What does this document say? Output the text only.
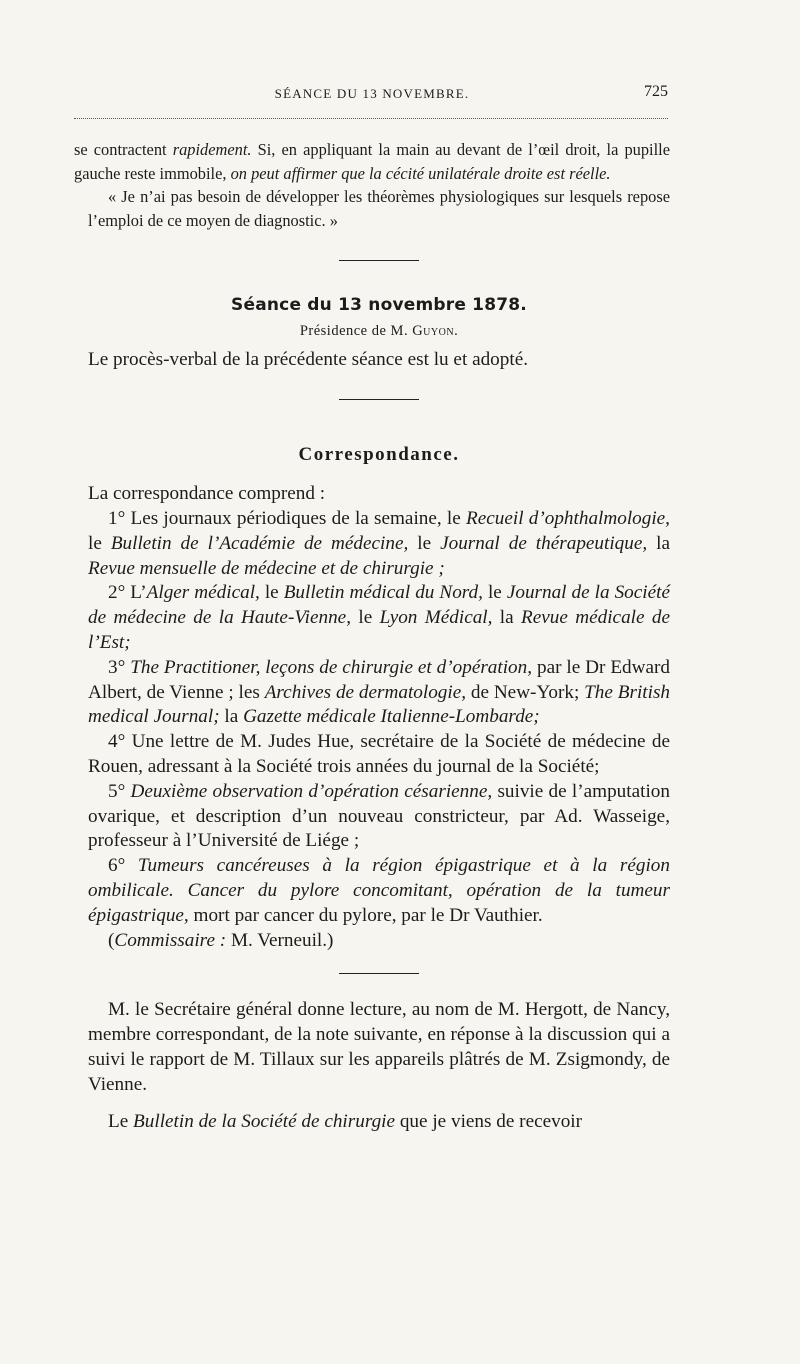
SÉANCE DU 13 NOVEMBRE.	725

se contractent rapidement. Si, en appliquant la main au devant de l’œil droit, la pupille gauche reste immobile, on peut affirmer que la cécité unilatérale droite est réelle.

« Je n’ai pas besoin de développer les théorèmes physiologiques sur lesquels repose l’emploi de ce moyen de diagnostic. »

Séance du 13 novembre 1878.
Présidence de M. Guyon.

Le procès-verbal de la précédente séance est lu et adopté.

Correspondance.

La correspondance comprend :

1° Les journaux périodiques de la semaine, le Recueil d’ophthalmologie, le Bulletin de l’Académie de médecine, le Journal de thérapeutique, la Revue mensuelle de médecine et de chirurgie ;

2° L’Alger médical, le Bulletin médical du Nord, le Journal de la Société de médecine de la Haute-Vienne, le Lyon Médical, la Revue médicale de l’Est;

3° The Practitioner, leçons de chirurgie et d’opération, par le Dr Edward Albert, de Vienne ; les Archives de dermatologie, de New-York; The British medical Journal; la Gazette médicale Italienne-Lombarde;

4° Une lettre de M. Judes Hue, secrétaire de la Société de médecine de Rouen, adressant à la Société trois années du journal de la Société;

5° Deuxième observation d’opération césarienne, suivie de l’amputation ovarique, et description d’un nouveau constricteur, par Ad. Wasseige, professeur à l’Université de Liége ;

6° Tumeurs cancéreuses à la région épigastrique et à la région ombilicale. Cancer du pylore concomitant, opération de la tumeur épigastrique, mort par cancer du pylore, par le Dr Vauthier.

(Commissaire : M. Verneuil.)

M. le Secrétaire général donne lecture, au nom de M. Hergott, de Nancy, membre correspondant, de la note suivante, en réponse à la discussion qui a suivi le rapport de M. Tillaux sur les appareils plâtrés de M. Zsigmondy, de Vienne.

Le Bulletin de la Société de chirurgie que je viens de recevoir
